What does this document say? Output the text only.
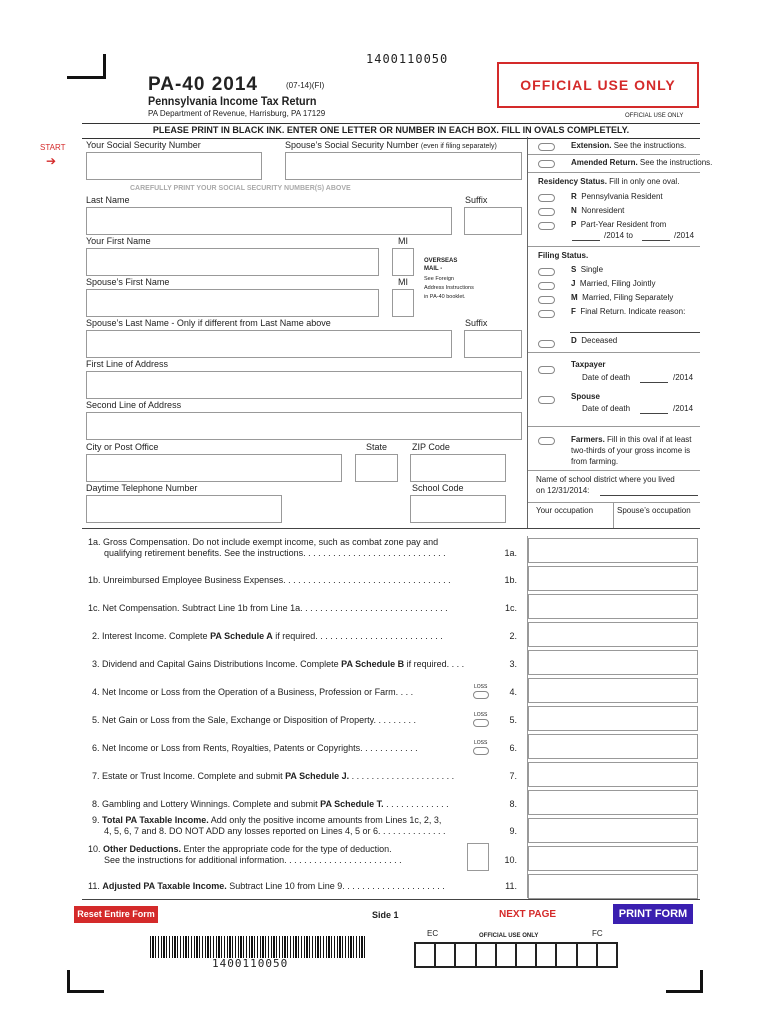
1400110050
PA-40 2014	(07-14)(FI)
Pennsylvania Income Tax Return
PA Department of Revenue, Harrisburg, PA 17129
OFFICIAL USE ONLY
OFFICIAL USE ONLY
PLEASE PRINT IN BLACK INK. ENTER ONE LETTER OR NUMBER IN EACH BOX. FILL IN OVALS COMPLETELY.
START
➔
Your Social Security Number	Spouse’s Social Security Number (even if filing separately)
CAREFULLY PRINT YOUR SOCIAL SECURITY NUMBER(S) ABOVE
Last Name	Suffix
Your First Name	MI
OVERSEAS
MAIL -
See Foreign
Address Instructions
in PA-40 booklet.
Spouse’s First Name	MI
Spouse’s Last Name - Only if different from Last Name above	Suffix
First Line of Address
Second Line of Address
City or Post Office	State	ZIP Code
Daytime Telephone Number	School Code
Extension. See the instructions.
Amended Return. See the instructions.
Residency Status. Fill in only one oval.
R Pennsylvania Resident
N Nonresident
P Part-Year Resident from
/2014 to	/2014
Filing Status.
S Single
J Married, Filing Jointly
M Married, Filing Separately
F Final Return. Indicate reason:
D Deceased
Taxpayer
Date of death	/2014
Spouse
Date of death	/2014
Farmers. Fill in this oval if at least
two-thirds of your gross income is
from farming.
Name of school district where you lived
on 12/31/2014:
Your occupation	Spouse’s occupation
1a. Gross Compensation. Do not include exempt income, such as combat zone pay and
qualifying retirement benefits. See the instructions. . . . . . . . . . . . . . . . . . . . . . . . . . . . .	1a.
1b. Unreimbursed Employee Business Expenses. . . . . . . . . . . . . . . . . . . . . . . . . . . . . . . . . .	1b.
1c. Net Compensation. Subtract Line 1b from Line 1a. . . . . . . . . . . . . . . . . . . . . . . . . . . . . .	1c.
2. Interest Income. Complete PA Schedule A if required. . . . . . . . . . . . . . . . . . . . . . . . . .	2.
3. Dividend and Capital Gains Distributions Income. Complete PA Schedule B if required. . . .	3.
4. Net Income or Loss from the Operation of a Business, Profession or Farm. . . .	LOSS 4.
5. Net Gain or Loss from the Sale, Exchange or Disposition of Property. . . . . . . . .	LOSS 5.
6. Net Income or Loss from Rents, Royalties, Patents or Copyrights. . . . . . . . . . . .	LOSS 6.
7. Estate or Trust Income. Complete and submit PA Schedule J. . . . . . . . . . . . . . . . . . . . . .	7.
8. Gambling and Lottery Winnings. Complete and submit PA Schedule T. . . . . . . . . . . . . .	8.
9. Total PA Taxable Income. Add only the positive income amounts from Lines 1c, 2, 3,
4, 5, 6, 7 and 8. DO NOT ADD any losses reported on Lines 4, 5 or 6. . . . . . . . . . . . . .	9.
10. Other Deductions. Enter the appropriate code for the type of deduction.
See the instructions for additional information. . . . . . . . . . . . . . . . . . . . . . . .	10.
11. Adjusted PA Taxable Income. Subtract Line 10 from Line 9. . . . . . . . . . . . . . . . . . . . .	11.
Reset Entire Form	Side 1	NEXT PAGE	PRINT FORM
EC	OFFICIAL USE ONLY	FC
1400110050
